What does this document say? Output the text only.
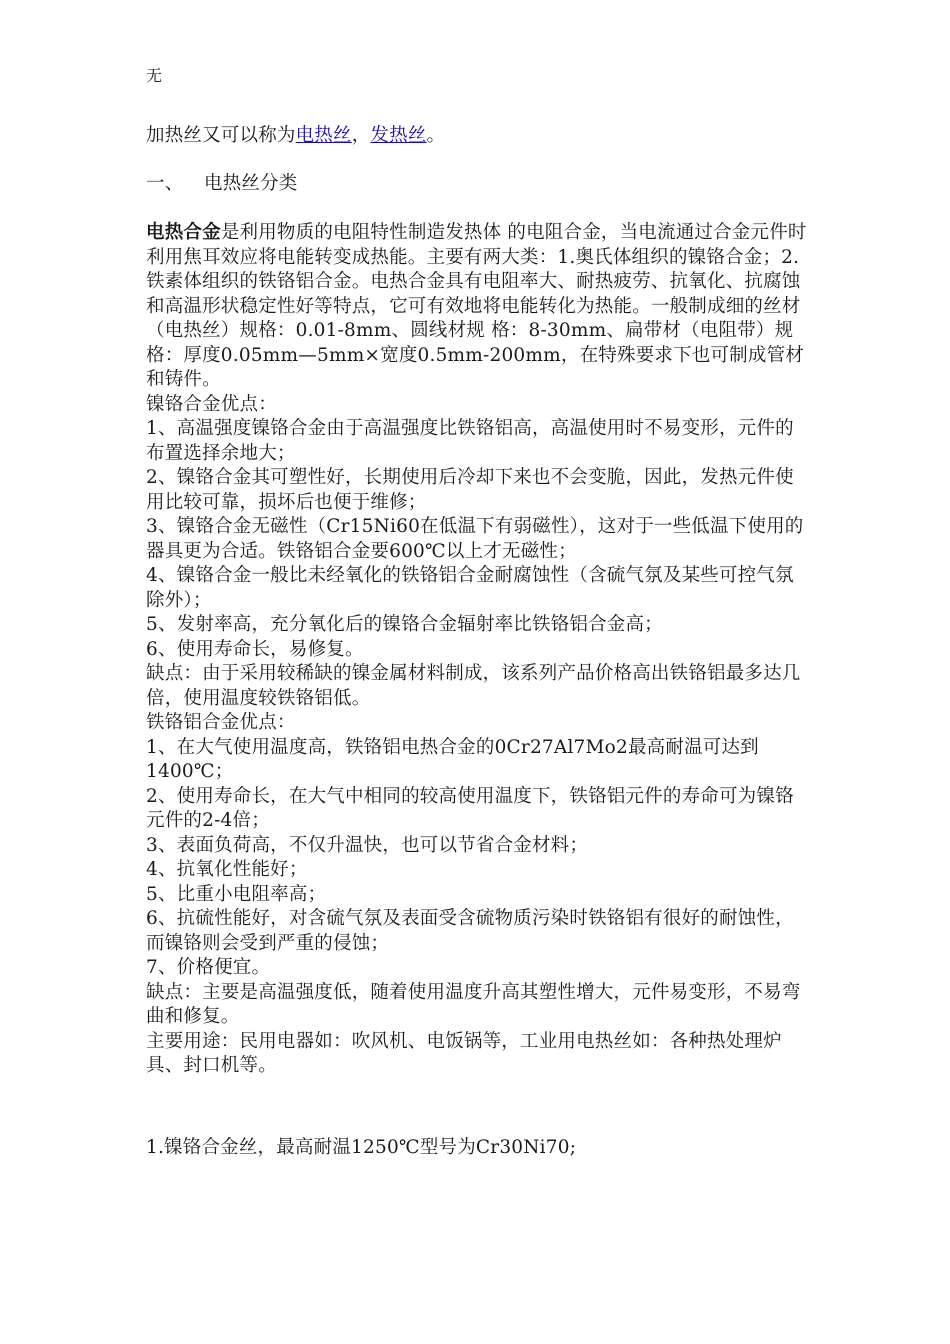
无
加热丝又可以称为电热丝，发热丝。
一、 电热丝分类

电热合金是利用物质的电阻特性制造发热体 的电阻合金，当电流通过合金元件时利用焦耳效应将电能转变成热能。主要有两大类：1.奥氏体组织的镍铬合金；2.铁素体组织的铁铬铝合金。电热合金具有电阻率大、耐热疲劳、抗氧化、抗腐蚀和高温形状稳定性好等特点，它可有效地将电能转化为热能。一般制成细的丝材（电热丝）规格：0.01-8mm、圆线材规 格：8-30mm、扁带材（电阻带）规格：厚度0.05mm—5mm×宽度0.5mm-200mm，在特殊要求下也可制成管材和铸件。

镍铬合金优点：

1、高温强度镍铬合金由于高温强度比铁铬铝高，高温使用时不易变形，元件的布置选择余地大；

2、镍铬合金其可塑性好，长期使用后冷却下来也不会变脆，因此，发热元件使用比较可靠，损坏后也便于维修；

3、镍铬合金无磁性（Cr15Ni60在低温下有弱磁性），这对于一些低温下使用的器具更为合适。铁铬铝合金要600℃以上才无磁性；

4、镍铬合金一般比未经氧化的铁铬铝合金耐腐蚀性（含硫气氛及某些可控气氛除外）；

5、发射率高，充分氧化后的镍铬合金辐射率比铁铬铝合金高；

6、使用寿命长，易修复。

缺点：由于采用较稀缺的镍金属材料制成，该系列产品价格高出铁铬铝最多达几倍，使用温度较铁铬铝低。

铁铬铝合金优点：

1、在大气使用温度高，铁铬铝电热合金的0Cr27Al7Mo2最高耐温可达到1400℃；

2、使用寿命长，在大气中相同的较高使用温度下，铁铬铝元件的寿命可为镍铬元件的2-4倍；

3、表面负荷高，不仅升温快，也可以节省合金材料；

4、抗氧化性能好；

5、比重小电阻率高；

6、抗硫性能好，对含硫气氛及表面受含硫物质污染时铁铬铝有很好的耐蚀性，而镍铬则会受到严重的侵蚀；

7、价格便宜。

缺点：主要是高温强度低，随着使用温度升高其塑性增大，元件易变形，不易弯曲和修复。

主要用途：民用电器如：吹风机、电饭锅等，工业用电热丝如：各种热处理炉具、封口机等。

1.镍铬合金丝，最高耐温1250℃型号为Cr30Ni70;
